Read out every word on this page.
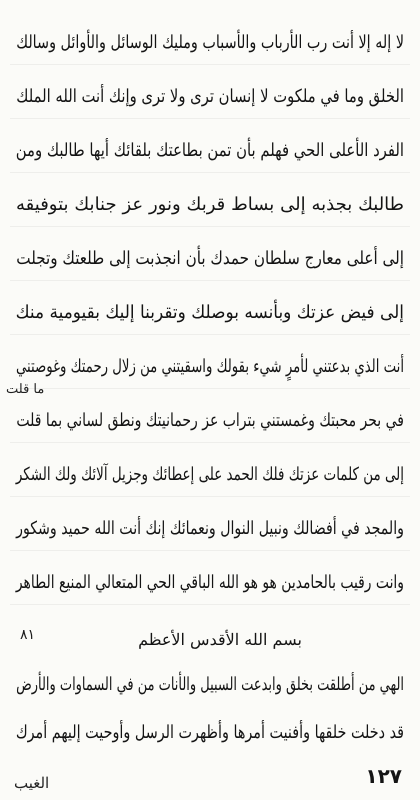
لا إله إلا أنت رب الأرباب والأسباب ومليك الوسائل والأوائل وسالك
الخلق وما في ملكوت لا إنسان ترى ولا ترى وإنك أنت الله الملك
الفرد الأعلى الحي فهلم بأن تمن بطاعتك بلقائك أيها طالبك ومن
طالبك بجذبه إلى بساط قربك ونور عز جنابك بتوفيقه
إلى أعلى معارج سلطان حمدك بأن انجذبت إلى طلعتك وتجلت
إلى فيض عزتك وبأنسه بوصلك وتقربنا إليك بقيومية منك
أنت الذي بدعتني لأمرٍ شيء بقولك واسقيتني من زلال رحمتك وغوصتني
في بحر محبتك وغمستني بتراب عز رحمانيتك ونطق لساني بما قلت
إلى من كلمات عزتك فلك الحمد على إعطائك وجزيل آلائك ولك الشكر
والمجد في أفضالك ونبيل النوال ونعمائك إنك أنت الله حميد وشكور
وانت رقيب بالحامدين هو هو الله الباقي الحي المتعالي المنيع الطاهر
ما قلت
بسم الله الأقدس الأعظم
٨١
الهي من أطلقت بخلق وابدعت السبيل والأنات من في السماوات والأرض
قد دخلت خلقها وأفنيت أمرها وأظهرت الرسل وأوحيت إليهم أمرك
الغيب	١٢٧
